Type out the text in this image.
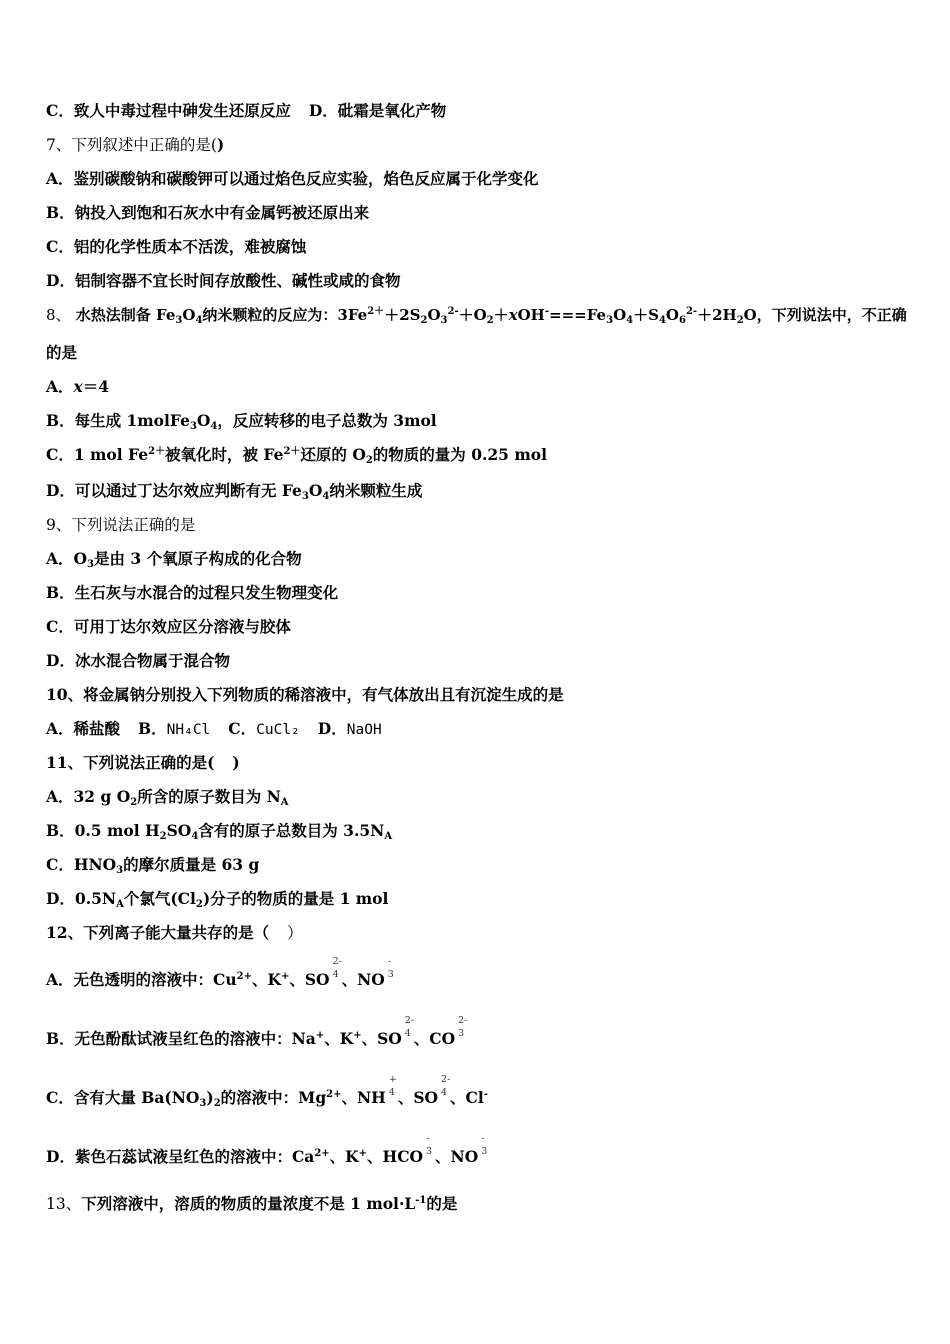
C．致人中毒过程中砷发生还原反应 D．砒霜是氧化产物
7、下列叙述中正确的是()
A．鉴别碳酸钠和碳酸钾可以通过焰色反应实验，焰色反应属于化学变化
B．钠投入到饱和石灰水中有金属钙被还原出来
C．铝的化学性质本不活泼，难被腐蚀
D．铝制容器不宜长时间存放酸性、碱性或咸的食物
8、 水热法制备 $Fe_3O_4$纳米颗粒的反应为：$3Fe^{2+}+2S_2O_3^{2-}+O_2+xOH^-===Fe_3O_4+S_4O_6^{2-}+2H_2O$，下列说法中，不正确
的是
A．x＝4
B．每生成 $1molFe_3O_4$，反应转移的电子总数为 3mol
C．1 mol $Fe^{2+}$被氧化时，被 $Fe^{2+}$还原的 $O_2$的物质的量为 0.25 mol
D．可以通过丁达尔效应判断有无 $Fe_3O_4$纳米颗粒生成
9、下列说法正确的是
A．$O_3$是由 3 个氧原子构成的化合物
B．生石灰与水混合的过程只发生物理变化
C．可用丁达尔效应区分溶液与胶体
D．冰水混合物属于混合物
10、将金属钠分别投入下列物质的稀溶液中，有气体放出且有沉淀生成的是
A．稀盐酸 B．NH₄Cl C．CuCl₂ D．NaOH
11、下列说法正确的是( )
A．32 g $O_2$所含的原子数目为 $N_A$
B．0.5 mol $H_2SO_4$含有的原子总数目为 $3.5N_A$
C．$HNO_3$的摩尔质量是 63 g
D．$0.5N_A$个氯气$(Cl_2)$分子的物质的量是 1 mol
12、下列离子能大量共存的是（ ）
A．无色透明的溶液中：$Cu^{2+}$、K+、SO
2-
4 、NO
-
3
B．无色酚酞试液呈红色的溶液中：Na+、K+、SO
2-
4 、CO
2-
3
C．含有大量 $Ba(NO_3)_2$的溶液中：$Mg^{2+}$、NH
+
4 、SO
2-
4 、Cl-
D．紫色石蕊试液呈红色的溶液中：$Ca^{2+}$、K+、HCO
-
3 、NO
-
3
13、下列溶液中，溶质的物质的量浓度不是 1 $mol\cdot L^{-1}$的是
